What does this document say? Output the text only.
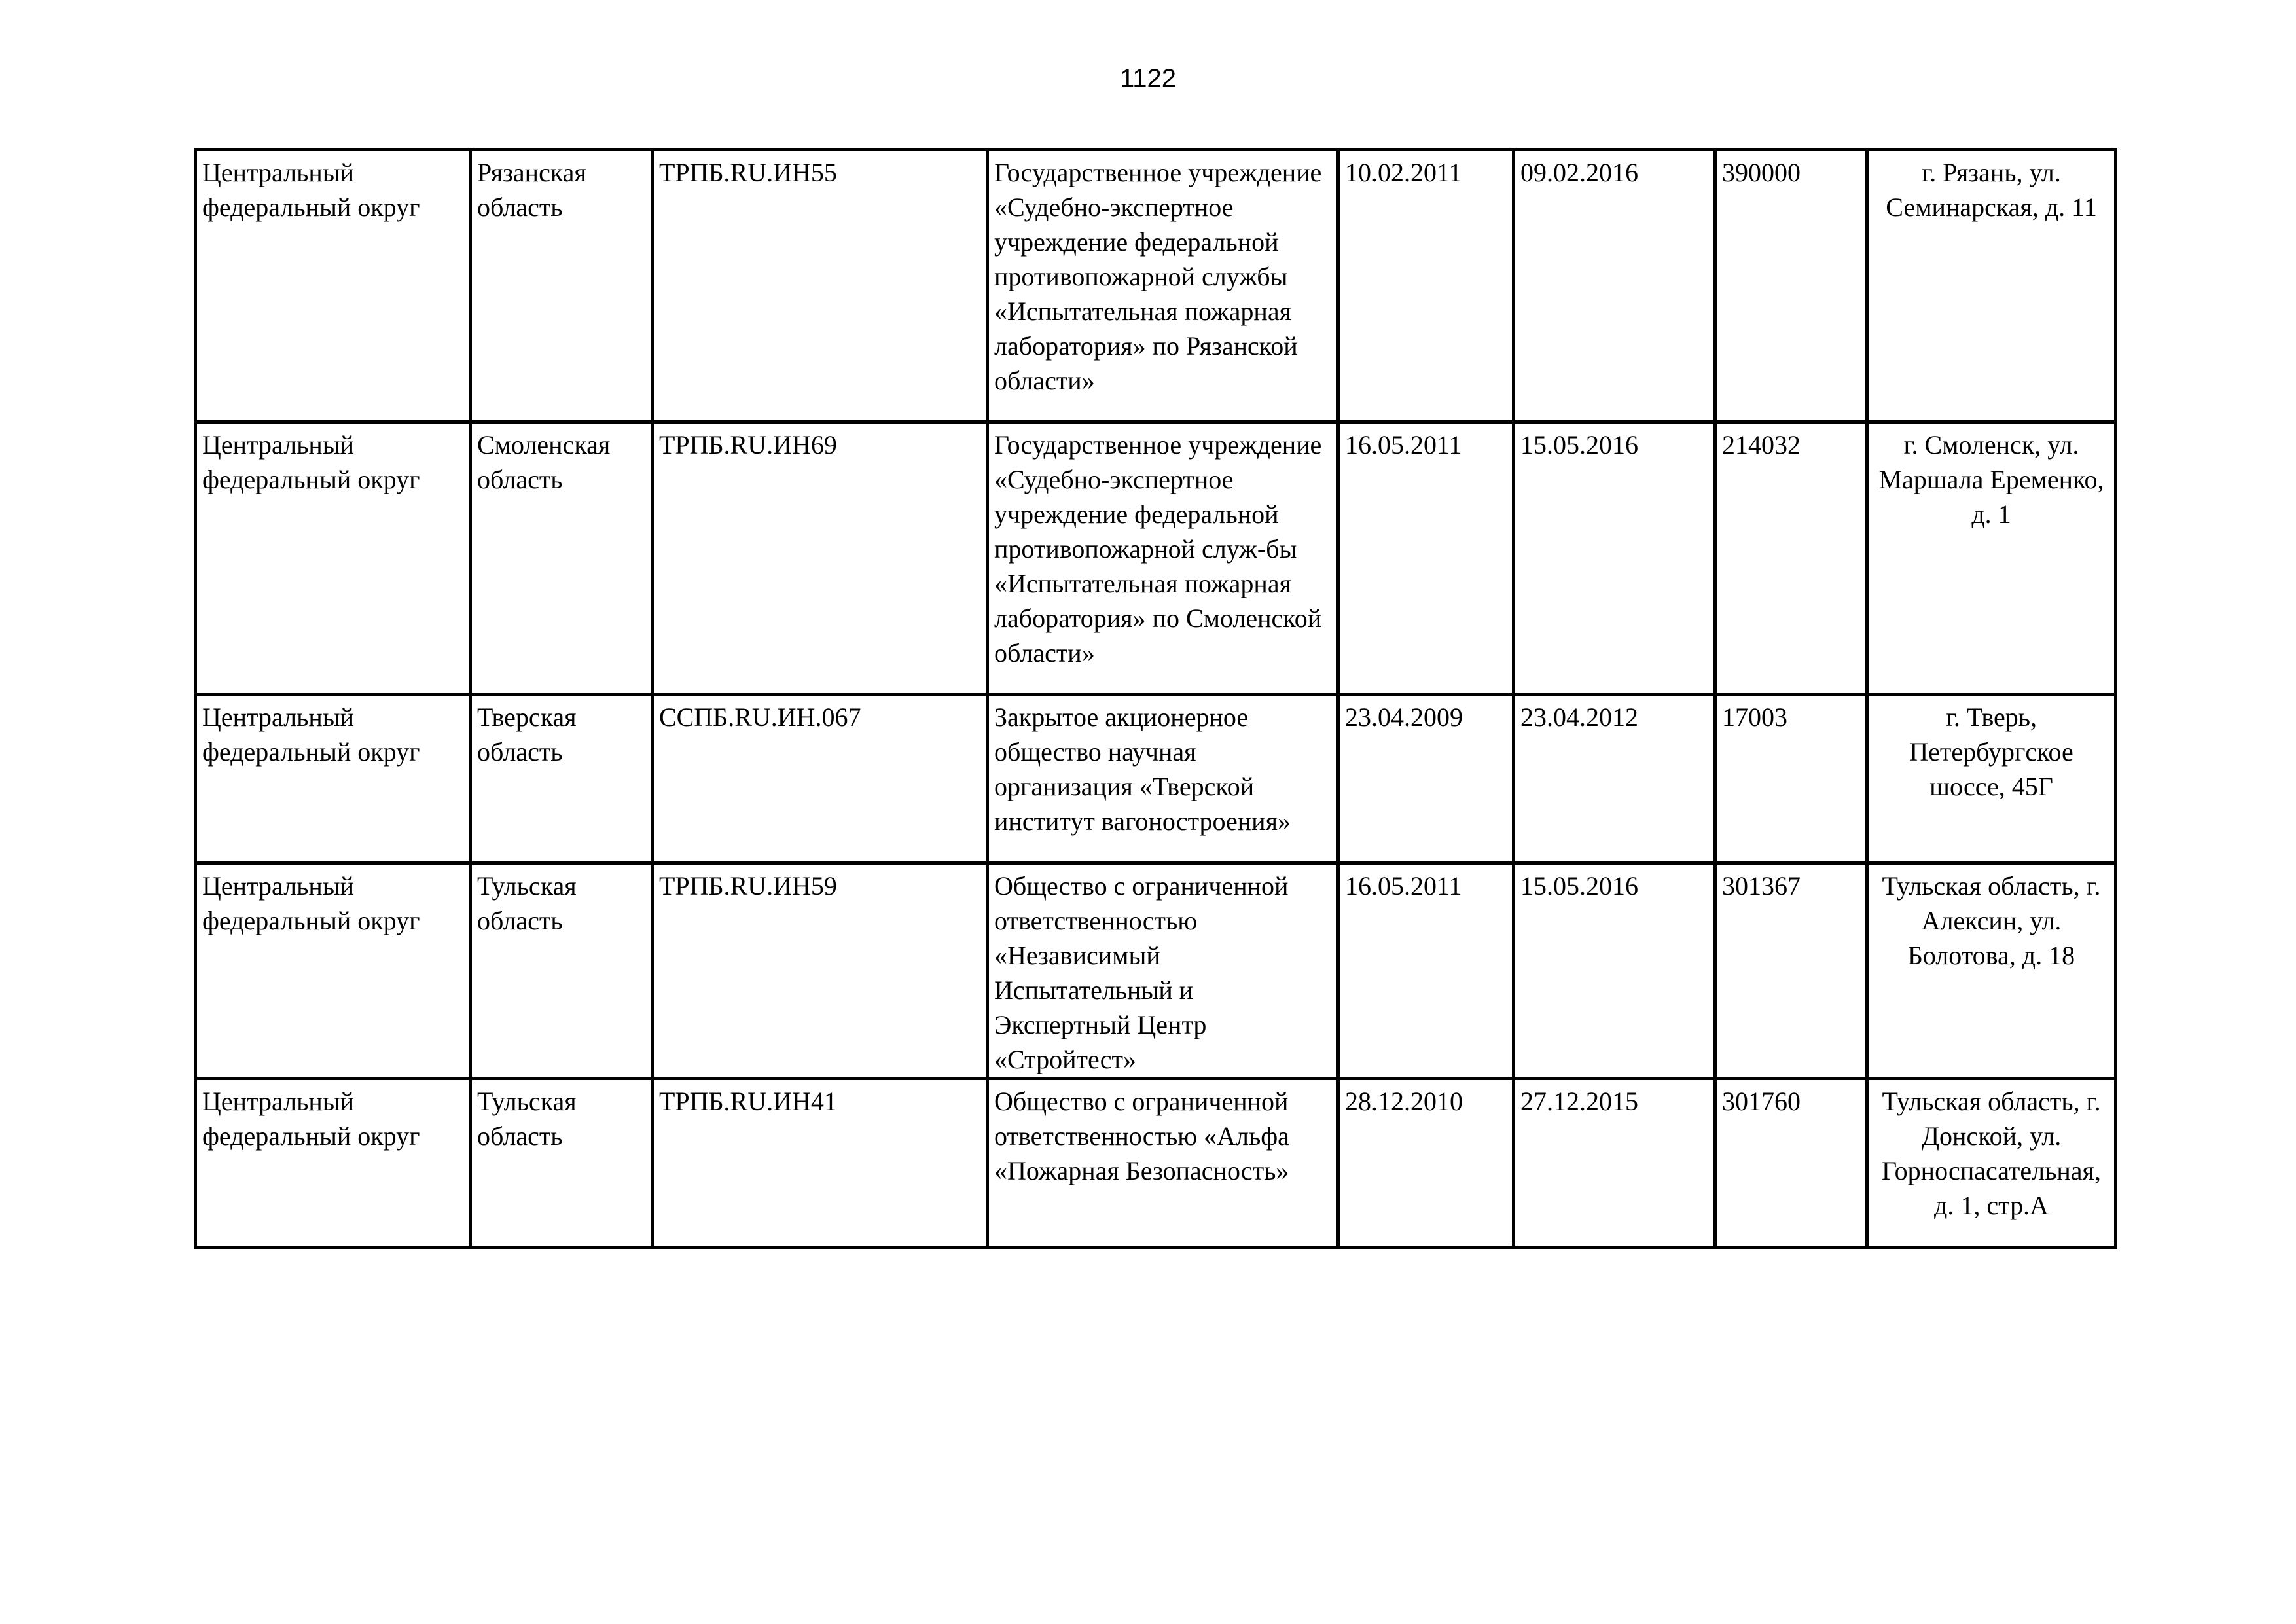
1122
Центральный федеральный округ	Рязанская область	ТРПБ.RU.ИН55	Государственное учреждение «Судебно-экспертное учреждение федеральной противопожарной службы «Испытательная пожарная лаборатория» по Рязанской области»	10.02.2011	09.02.2016	390000	г. Рязань, ул. Семинарская, д. 11

Центральный федеральный округ	Смоленская область	ТРПБ.RU.ИН69	Государственное учреждение «Судебно-экспертное учреждение федеральной противопожарной служ-бы «Испытательная пожарная лаборатория» по Смоленской области»	16.05.2011	15.05.2016	214032	г. Смоленск, ул. Маршала Еременко, д. 1

Центральный федеральный округ	Тверская область	ССПБ.RU.ИН.067	Закрытое акционерное общество научная организация «Тверской институт вагоностроения»	23.04.2009	23.04.2012	17003	г. Тверь, Петербургское шоссе, 45Г

Центральный федеральный округ	Тульская область	ТРПБ.RU.ИН59	Общество с ограниченной ответственностью «Независимый Испытательный и Экспертный Центр «Стройтест»	16.05.2011	15.05.2016	301367	Тульская область, г. Алексин, ул. Болотова, д. 18

Центральный федеральный округ	Тульская область	ТРПБ.RU.ИН41	Общество с ограниченной ответственностью «Альфа «Пожарная Безопасность»	28.12.2010	27.12.2015	301760	Тульская область, г. Донской, ул. Горноспасательная, д. 1, стр.А
